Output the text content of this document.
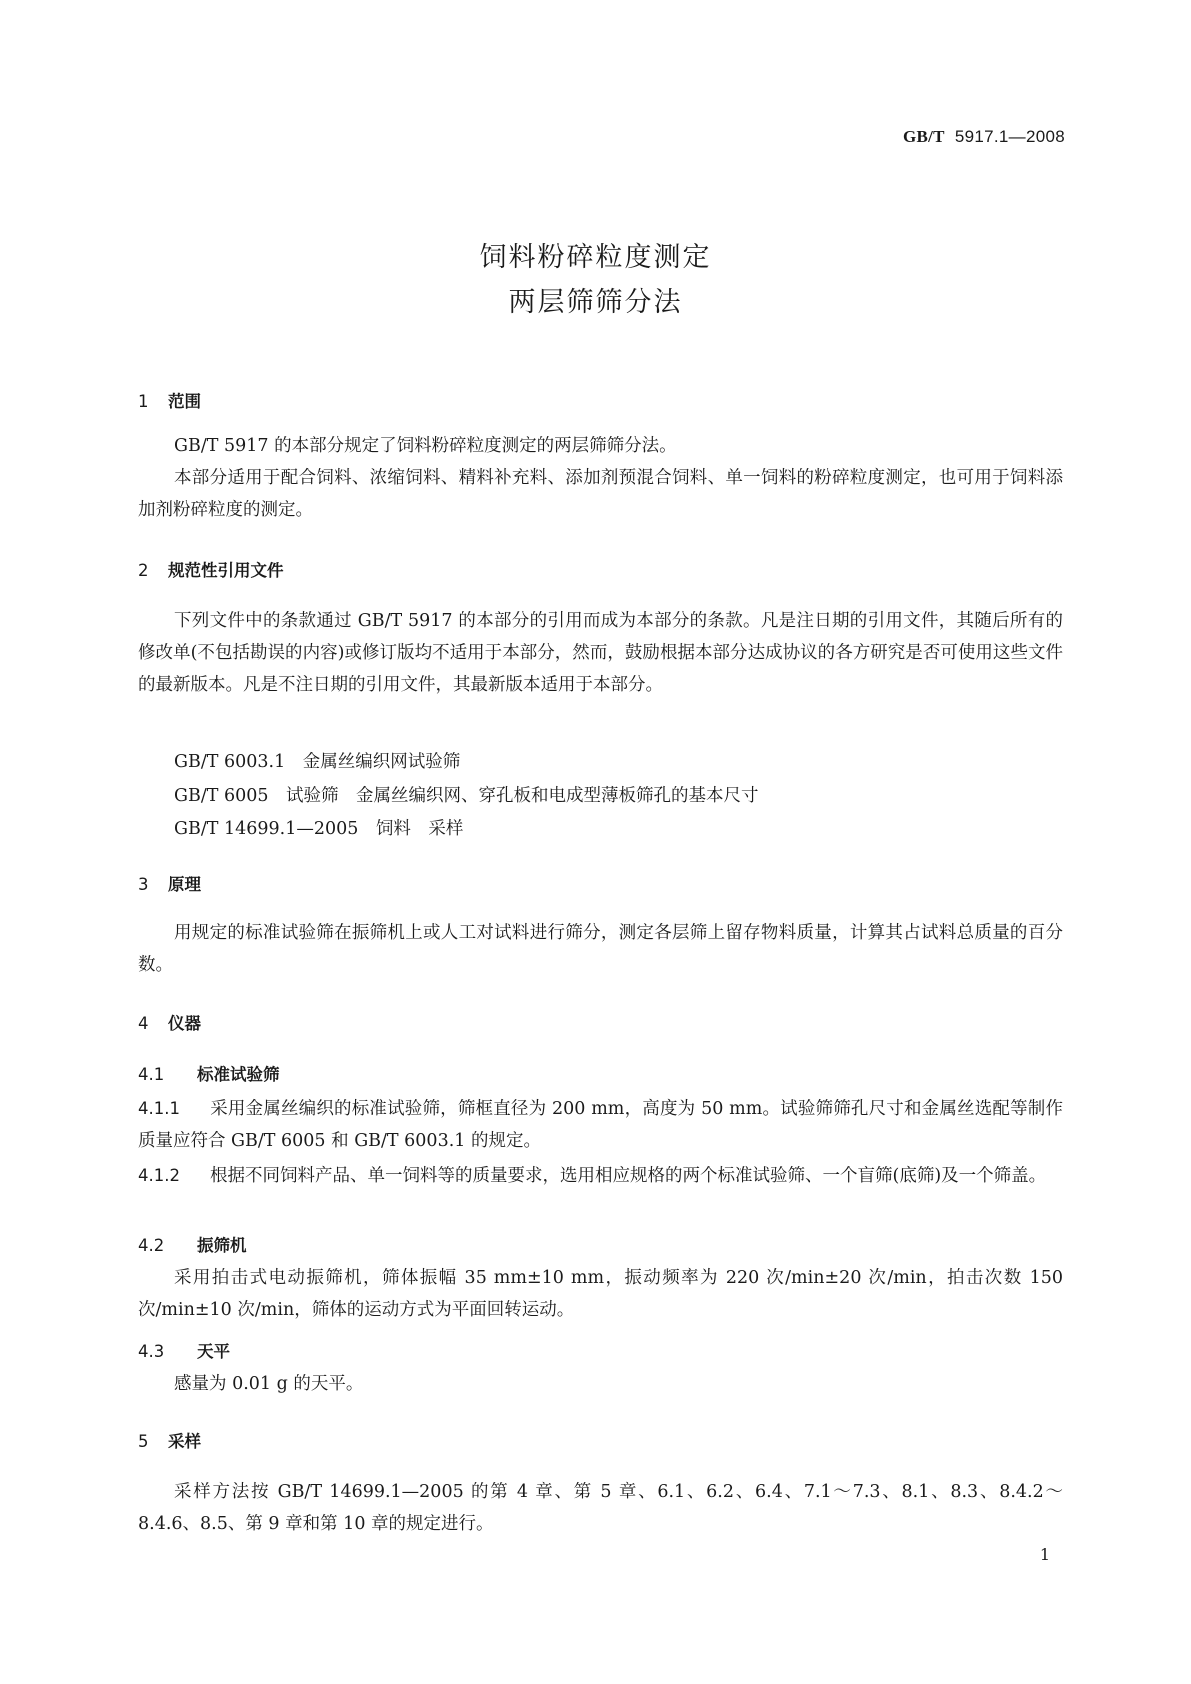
GB/T 5917.1—2008
饲料粉碎粒度测定
两层筛筛分法
1 范围
GB/T 5917 的本部分规定了饲料粉碎粒度测定的两层筛筛分法。
本部分适用于配合饲料、浓缩饲料、精料补充料、添加剂预混合饲料、单一饲料的粉碎粒度测定，也可用于饲料添加剂粉碎粒度的测定。
2 规范性引用文件
下列文件中的条款通过 GB/T 5917 的本部分的引用而成为本部分的条款。凡是注日期的引用文件，其随后所有的修改单(不包括勘误的内容)或修订版均不适用于本部分，然而，鼓励根据本部分达成协议的各方研究是否可使用这些文件的最新版本。凡是不注日期的引用文件，其最新版本适用于本部分。
GB/T 6003.1　金属丝编织网试验筛
GB/T 6005　试验筛　金属丝编织网、穿孔板和电成型薄板筛孔的基本尺寸
GB/T 14699.1—2005　饲料　采样
3 原理
用规定的标准试验筛在振筛机上或人工对试料进行筛分，测定各层筛上留存物料质量，计算其占试料总质量的百分数。
4 仪器
4.1 标准试验筛
4.1.1 采用金属丝编织的标准试验筛，筛框直径为 200 mm，高度为 50 mm。试验筛筛孔尺寸和金属丝选配等制作质量应符合 GB/T 6005 和 GB/T 6003.1 的规定。
4.1.2 根据不同饲料产品、单一饲料等的质量要求，选用相应规格的两个标准试验筛、一个盲筛(底筛)及一个筛盖。
4.2 振筛机
采用拍击式电动振筛机，筛体振幅 35 mm±10 mm，振动频率为 220 次/min±20 次/min，拍击次数 150 次/min±10 次/min，筛体的运动方式为平面回转运动。
4.3 天平
感量为 0.01 g 的天平。
5 采样
采样方法按 GB/T 14699.1—2005 的第 4 章、第 5 章、6.1、6.2、6.4、7.1～7.3、8.1、8.3、8.4.2～8.4.6、8.5、第 9 章和第 10 章的规定进行。
1
